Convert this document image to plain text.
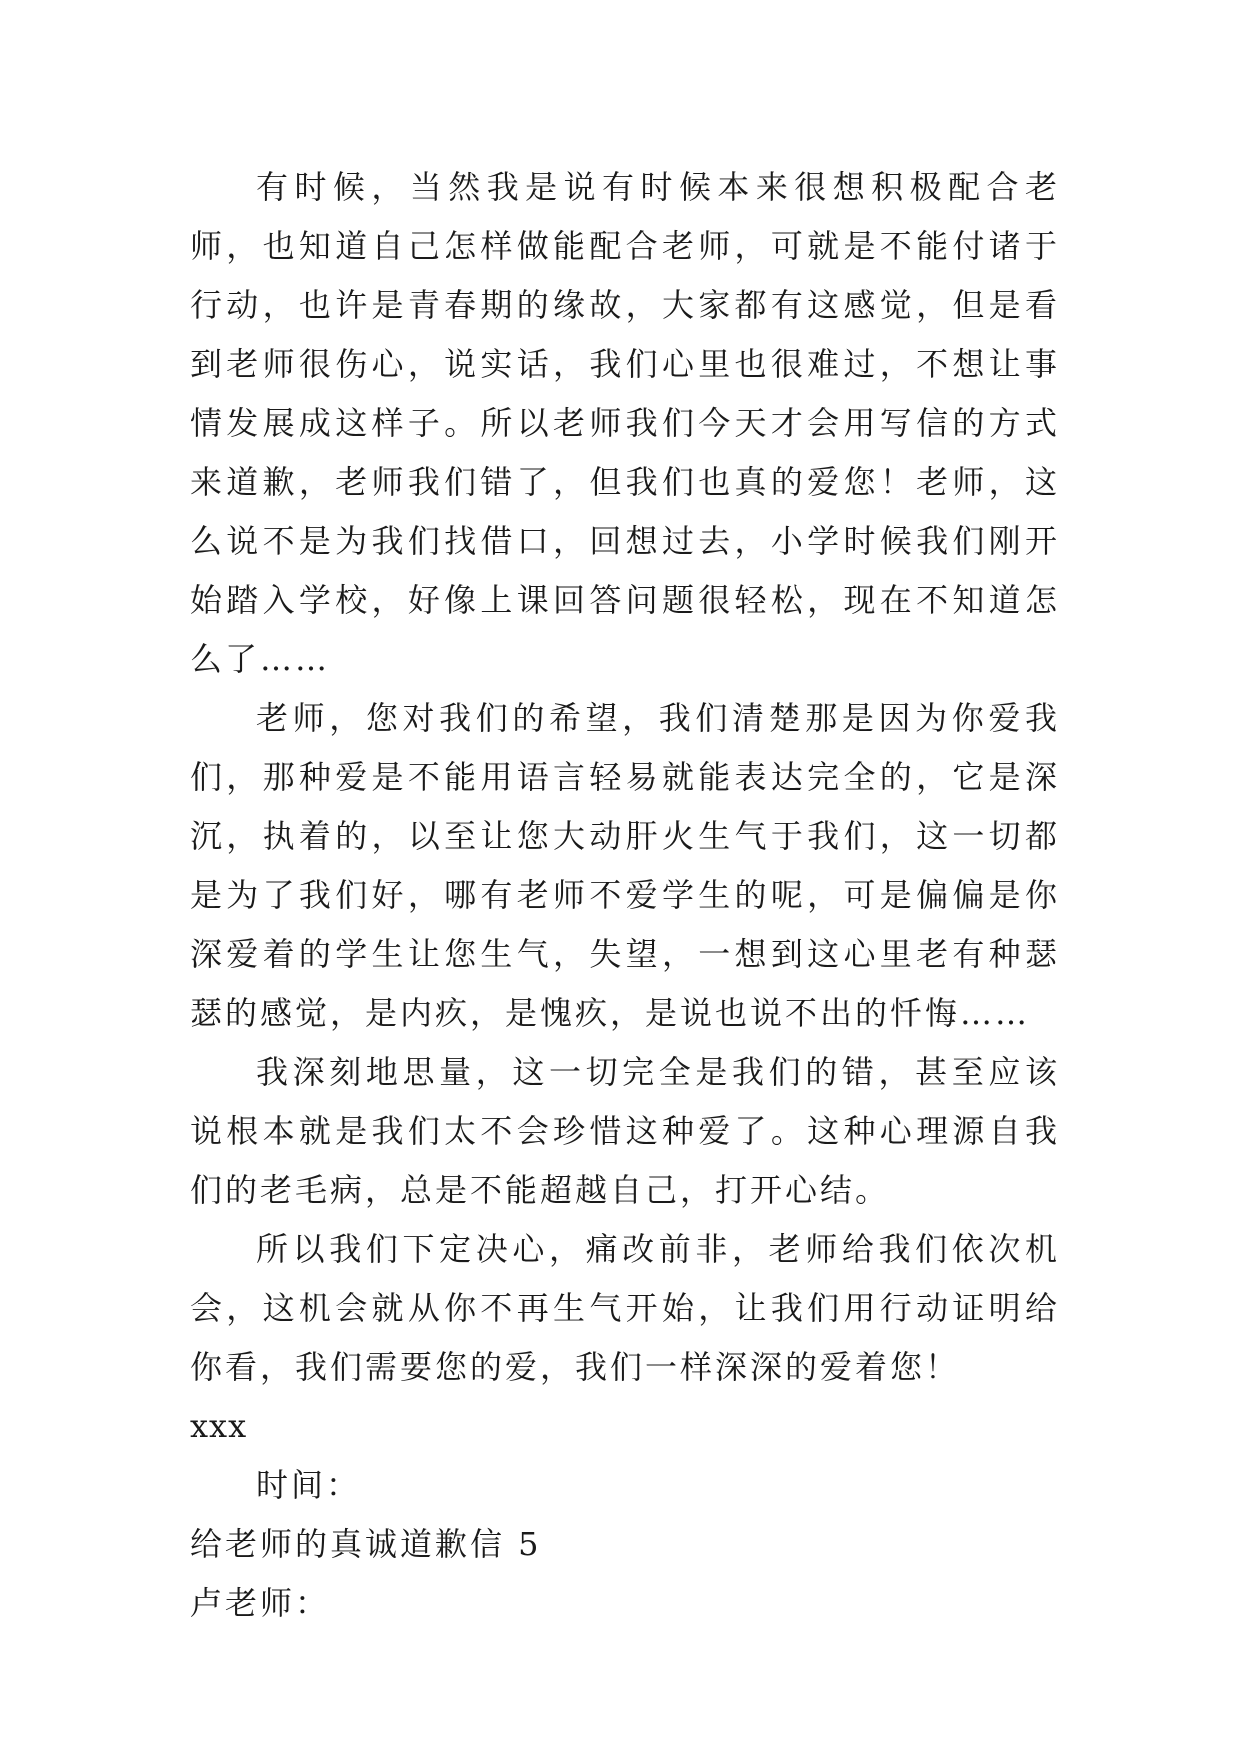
有时候，当然我是说有时候本来很想积极配合老师，也知道自己怎样做能配合老师，可就是不能付诸于行动，也许是青春期的缘故，大家都有这感觉，但是看到老师很伤心，说实话，我们心里也很难过，不想让事情发展成这样子。所以老师我们今天才会用写信的方式来道歉，老师我们错了，但我们也真的爱您！老师，这么说不是为我们找借口，回想过去，小学时候我们刚开始踏入学校，好像上课回答问题很轻松，现在不知道怎么了……

老师，您对我们的希望，我们清楚那是因为你爱我们，那种爱是不能用语言轻易就能表达完全的，它是深沉，执着的，以至让您大动肝火生气于我们，这一切都是为了我们好，哪有老师不爱学生的呢，可是偏偏是你深爱着的学生让您生气，失望，一想到这心里老有种瑟瑟的感觉，是内疚，是愧疚，是说也说不出的忏悔……

我深刻地思量，这一切完全是我们的错，甚至应该说根本就是我们太不会珍惜这种爱了。这种心理源自我们的老毛病，总是不能超越自己，打开心结。

所以我们下定决心，痛改前非，老师给我们依次机会，这机会就从你不再生气开始，让我们用行动证明给你看，我们需要您的爱，我们一样深深的爱着您！

xxx

时间：

给老师的真诚道歉信 5

卢老师：
